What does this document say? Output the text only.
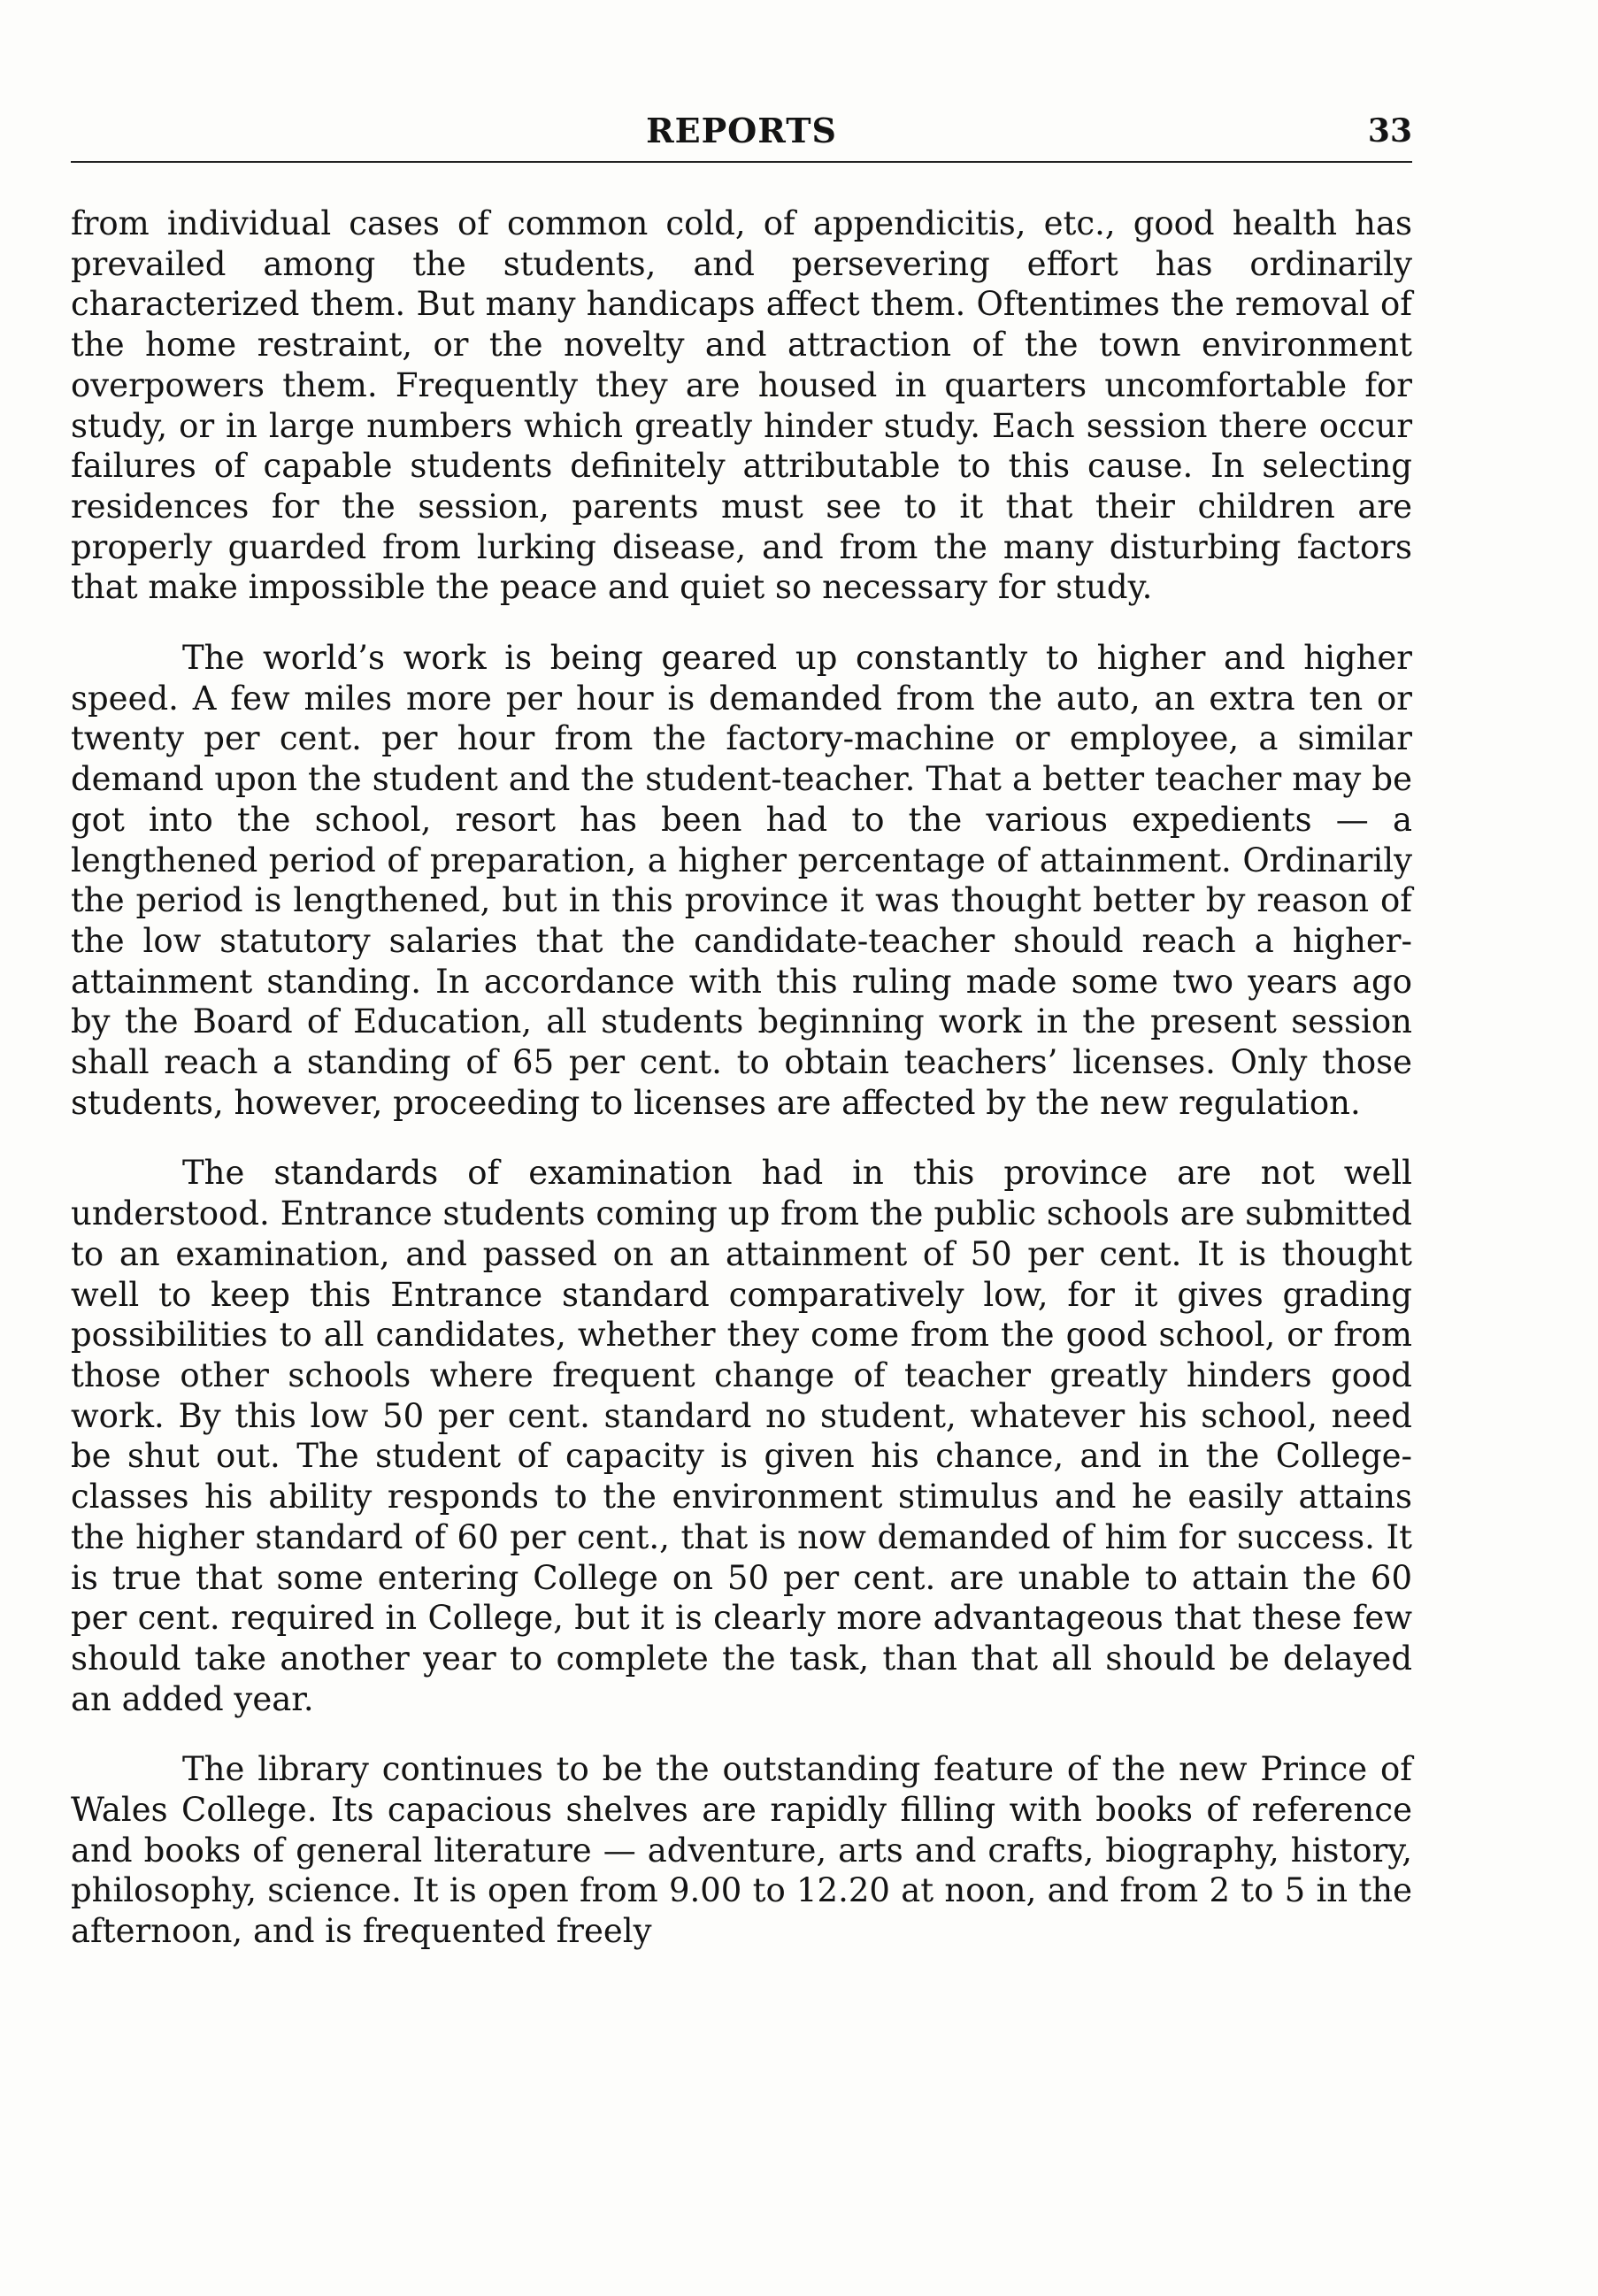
REPORTS	33

from individual cases of common cold, of appendicitis, etc., good health has prevailed among the students, and persevering effort has ordinarily characterized them. But many handicaps affect them. Oftentimes the removal of the home restraint, or the novelty and attraction of the town environment overpowers them. Frequently they are housed in quarters uncomfortable for study, or in large numbers which greatly hinder study. Each session there occur failures of capable students definitely attributable to this cause. In selecting residences for the session, parents must see to it that their children are properly guarded from lurking disease, and from the many disturbing factors that make impossible the peace and quiet so necessary for study.

The world’s work is being geared up constantly to higher and higher speed. A few miles more per hour is demanded from the auto, an extra ten or twenty per cent. per hour from the factory-machine or employee, a similar demand upon the student and the student-teacher. That a better teacher may be got into the school, resort has been had to the various expedients — a lengthened period of preparation, a higher percentage of attainment. Ordinarily the period is lengthened, but in this province it was thought better by reason of the low statutory salaries that the candidate-teacher should reach a higher-attainment standing. In accordance with this ruling made some two years ago by the Board of Education, all students beginning work in the present session shall reach a standing of 65 per cent. to obtain teachers’ licenses. Only those students, however, proceeding to licenses are affected by the new regulation.

The standards of examination had in this province are not well understood. Entrance students coming up from the public schools are submitted to an examination, and passed on an attainment of 50 per cent. It is thought well to keep this Entrance standard comparatively low, for it gives grading possibilities to all candidates, whether they come from the good school, or from those other schools where frequent change of teacher greatly hinders good work. By this low 50 per cent. standard no student, whatever his school, need be shut out. The student of capacity is given his chance, and in the College-classes his ability responds to the environment stimulus and he easily attains the higher standard of 60 per cent., that is now demanded of him for success. It is true that some entering College on 50 per cent. are unable to attain the 60 per cent. required in College, but it is clearly more advantageous that these few should take another year to complete the task, than that all should be delayed an added year.

The library continues to be the outstanding feature of the new Prince of Wales College. Its capacious shelves are rapidly filling with books of reference and books of general literature — adventure, arts and crafts, biography, history, philosophy, science. It is open from 9.00 to 12.20 at noon, and from 2 to 5 in the afternoon, and is frequented freely
